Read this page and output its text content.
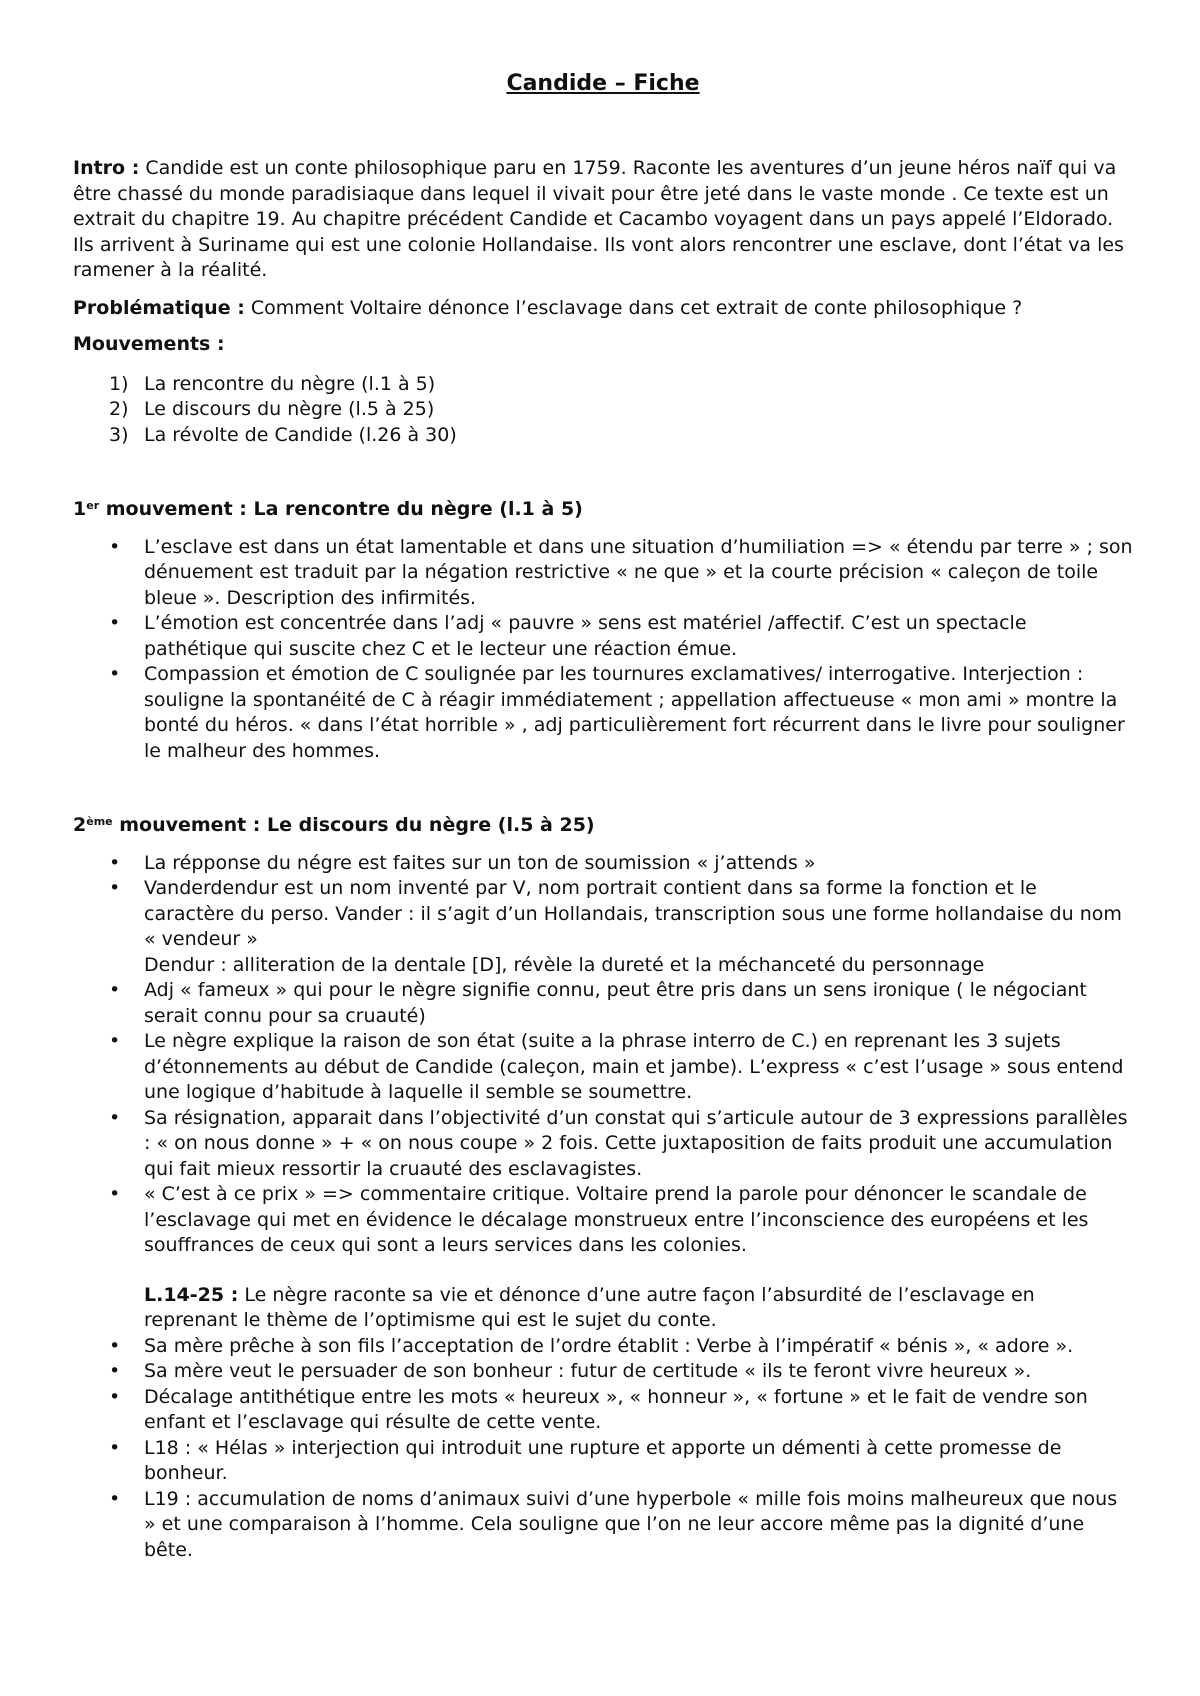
Candide – Fiche

Intro : Candide est un conte philosophique paru en 1759. Raconte les aventures d’un jeune héros naïf qui va être chassé du monde paradisiaque dans lequel il vivait pour être jeté dans le vaste monde . Ce texte est un extrait du chapitre 19. Au chapitre précédent Candide et Cacambo voyagent dans un pays appelé l’Eldorado. Ils arrivent à Suriname qui est une colonie Hollandaise. Ils vont alors rencontrer une esclave, dont l’état va les ramener à la réalité.

Problématique : Comment Voltaire dénonce l’esclavage dans cet extrait de conte philosophique ?

Mouvements :

1) La rencontre du nègre (l.1 à 5)
2) Le discours du nègre (l.5 à 25)
3) La révolte de Candide (l.26 à 30)

1er mouvement : La rencontre du nègre (l.1 à 5)

• L’esclave est dans un état lamentable et dans une situation d’humiliation => « étendu par terre » ; son dénuement est traduit par la négation restrictive « ne que » et la courte précision « caleçon de toile bleue ». Description des infirmités.
• L’émotion est concentrée dans l’adj « pauvre » sens est matériel /affectif. C’est un spectacle pathétique qui suscite chez C et le lecteur une réaction émue.
• Compassion et émotion de C soulignée par les tournures exclamatives/ interrogative. Interjection : souligne la spontanéité de C à réagir immédiatement ; appellation affectueuse « mon ami » montre la bonté du héros. « dans l’état horrible » , adj particulièrement fort récurrent dans le livre pour souligner le malheur des hommes.

2ème mouvement : Le discours du nègre (l.5 à 25)

• La répponse du négre est faites sur un ton de soumission « j’attends »
• Vanderdendur est un nom inventé par V, nom portrait contient dans sa forme la fonction et le caractère du perso. Vander : il s’agit d’un Hollandais, transcription sous une forme hollandaise du nom « vendeur »
Dendur : alliteration de la dentale [D], révèle la dureté et la méchanceté du personnage
• Adj « fameux » qui pour le nègre signifie connu, peut être pris dans un sens ironique ( le négociant serait connu pour sa cruauté)
• Le nègre explique la raison de son état (suite a la phrase interro de C.) en reprenant les 3 sujets d’étonnements au début de Candide (caleçon, main et jambe). L’express « c’est l’usage » sous entend une logique d’habitude à laquelle il semble se soumettre.
• Sa résignation, apparait dans l’objectivité d’un constat qui s’articule autour de 3 expressions parallèles : « on nous donne » + « on nous coupe » 2 fois. Cette juxtaposition de faits produit une accumulation qui fait mieux ressortir la cruauté des esclavagistes.
• « C’est à ce prix » => commentaire critique. Voltaire prend la parole pour dénoncer le scandale de l’esclavage qui met en évidence le décalage monstrueux entre l’inconscience des européens et les souffrances de ceux qui sont a leurs services dans les colonies.

L.14-25 : Le nègre raconte sa vie et dénonce d’une autre façon l’absurdité de l’esclavage en reprenant le thème de l’optimisme qui est le sujet du conte.

• Sa mère prêche à son fils l’acceptation de l’ordre établit : Verbe à l’impératif « bénis », « adore ».
• Sa mère veut le persuader de son bonheur : futur de certitude « ils te feront vivre heureux ».
• Décalage antithétique entre les mots « heureux », « honneur », « fortune » et le fait de vendre son enfant et l’esclavage qui résulte de cette vente.
• L18 : « Hélas » interjection qui introduit une rupture et apporte un démenti à cette promesse de bonheur.
• L19 : accumulation de noms d’animaux suivi d’une hyperbole « mille fois moins malheureux que nous » et une comparaison à l’homme. Cela souligne que l’on ne leur accore même pas la dignité d’une bête.
